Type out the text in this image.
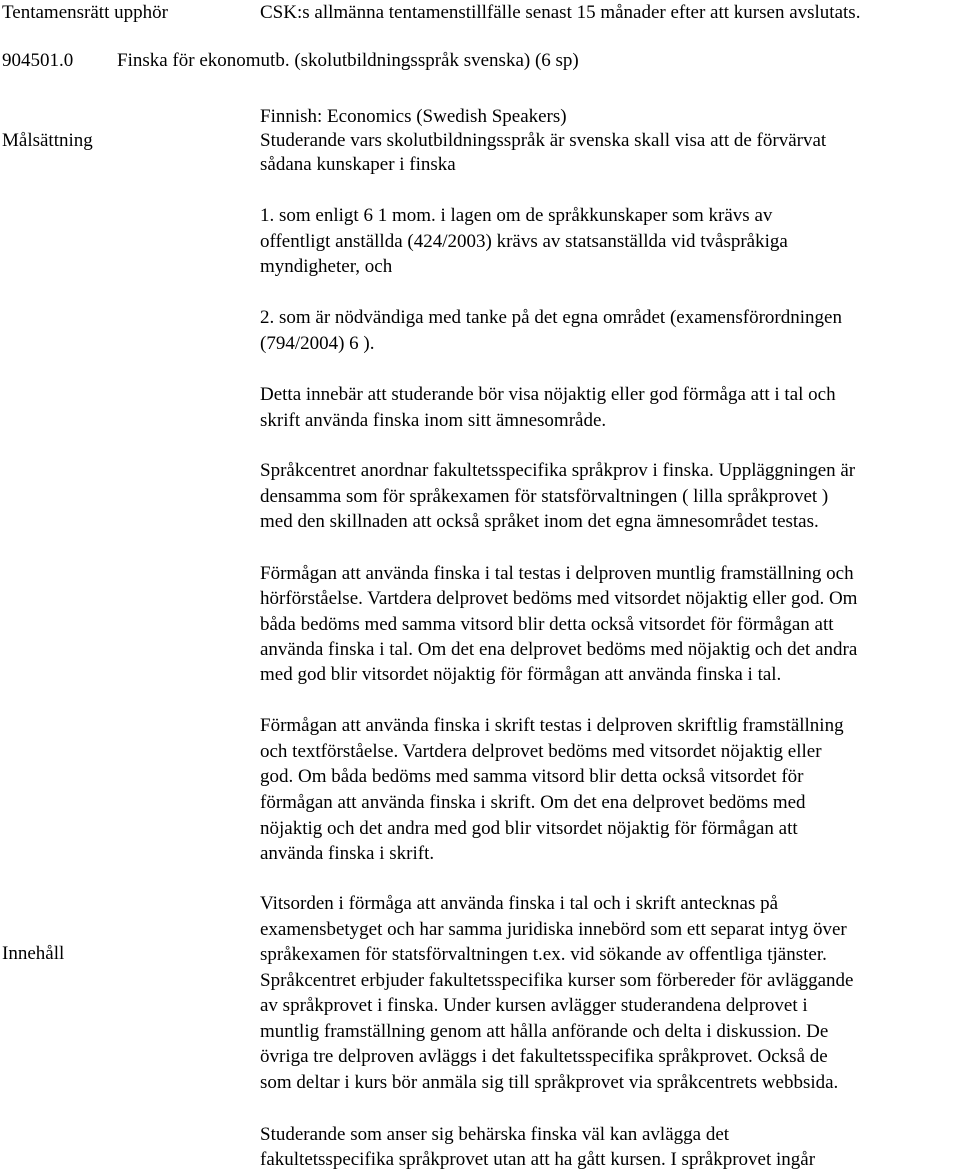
Tentamensrätt upphör	CSK:s allmänna tentamenstillfälle senast 15 månader efter att kursen avslutats.
904501.0 Finska för ekonomutb. (skolutbildningsspråk svenska) (6 sp)
Målsättning
Finnish: Economics (Swedish Speakers)
Studerande vars skolutbildningsspråk är svenska skall visa att de förvärvat
sådana kunskaper i finska
1. som enligt 6 1 mom. i lagen om de språkkunskaper som krävs av
offentligt anställda (424/2003) krävs av statsanställda vid tvåspråkiga
myndigheter, och
2. som är nödvändiga med tanke på det egna området (examensförordningen
(794/2004) 6 ).
Detta innebär att studerande bör visa nöjaktig eller god förmåga att i tal och
skrift använda finska inom sitt ämnesområde.
Innehåll
Språkcentret anordnar fakultetsspecifika språkprov i finska. Uppläggningen är
densamma som för språkexamen för statsförvaltningen ( lilla språkprovet )
med den skillnaden att också språket inom det egna ämnesområdet testas.
Förmågan att använda finska i tal testas i delproven muntlig framställning och
hörförståelse. Vartdera delprovet bedöms med vitsordet nöjaktig eller god. Om
båda bedöms med samma vitsord blir detta också vitsordet för förmågan att
använda finska i tal. Om det ena delprovet bedöms med nöjaktig och det andra
med god blir vitsordet nöjaktig för förmågan att använda finska i tal.
Förmågan att använda finska i skrift testas i delproven skriftlig framställning
och textförståelse. Vartdera delprovet bedöms med vitsordet nöjaktig eller
god. Om båda bedöms med samma vitsord blir detta också vitsordet för
förmågan att använda finska i skrift. Om det ena delprovet bedöms med
nöjaktig och det andra med god blir vitsordet nöjaktig för förmågan att
använda finska i skrift.
Vitsorden i förmåga att använda finska i tal och i skrift antecknas på
examensbetyget och har samma juridiska innebörd som ett separat intyg över
språkexamen för statsförvaltningen t.ex. vid sökande av offentliga tjänster.
Språkcentret erbjuder fakultetsspecifika kurser som förbereder för avläggande
av språkprovet i finska. Under kursen avlägger studerandena delprovet i
muntlig framställning genom att hålla anförande och delta i diskussion. De
övriga tre delproven avläggs i det fakultetsspecifika språkprovet. Också de
som deltar i kurs bör anmäla sig till språkprovet via språkcentrets webbsida.
Studerande som anser sig behärska finska väl kan avlägga det
fakultetsspecifika språkprovet utan att ha gått kursen. I språkprovet ingår
